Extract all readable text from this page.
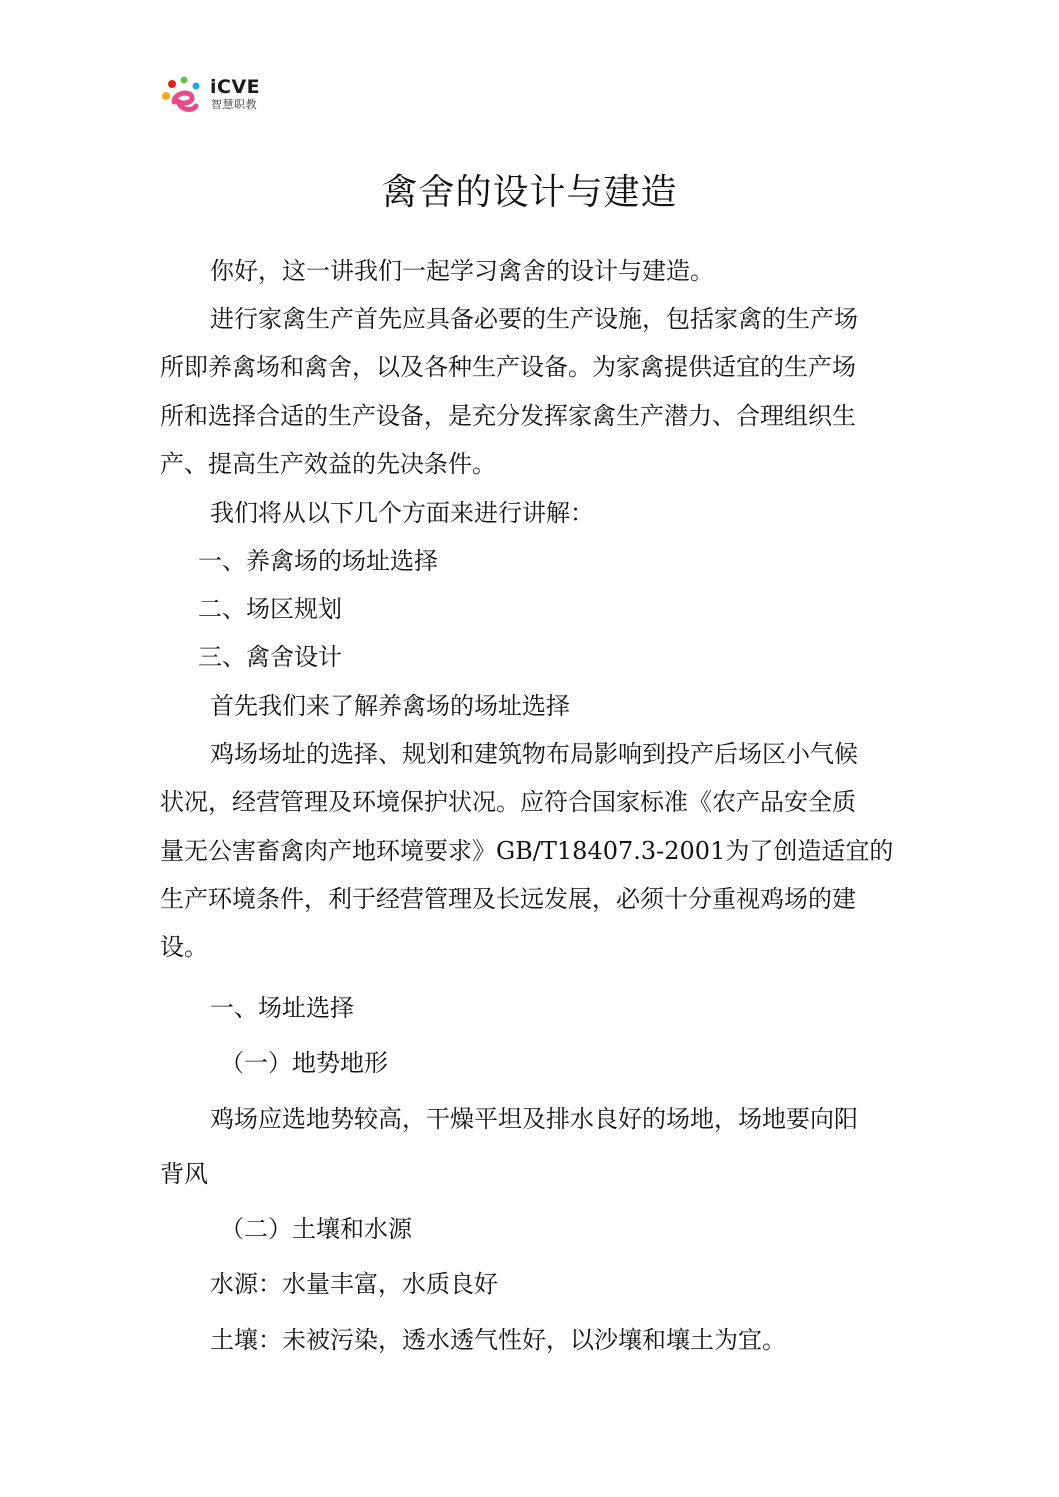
iCVE
智慧职教
禽舍的设计与建造
你好，这一讲我们一起学习禽舍的设计与建造。
进行家禽生产首先应具备必要的生产设施，包括家禽的生产场
所即养禽场和禽舍，以及各种生产设备。为家禽提供适宜的生产场
所和选择合适的生产设备，是充分发挥家禽生产潜力、合理组织生
产、提高生产效益的先决条件。
我们将从以下几个方面来进行讲解：
一、养禽场的场址选择
二、场区规划
三、禽舍设计
首先我们来了解养禽场的场址选择
鸡场场址的选择、规划和建筑物布局影响到投产后场区小气候
状况，经营管理及环境保护状况。应符合国家标准《农产品安全质
量无公害畜禽肉产地环境要求》GB/T18407.3-2001为了创造适宜的
生产环境条件，利于经营管理及长远发展，必须十分重视鸡场的建
设。
一、场址选择
（一）地势地形
鸡场应选地势较高，干燥平坦及排水良好的场地，场地要向阳
背风
（二）土壤和水源
水源：水量丰富，水质良好
土壤：未被污染，透水透气性好，以沙壤和壤土为宜。
